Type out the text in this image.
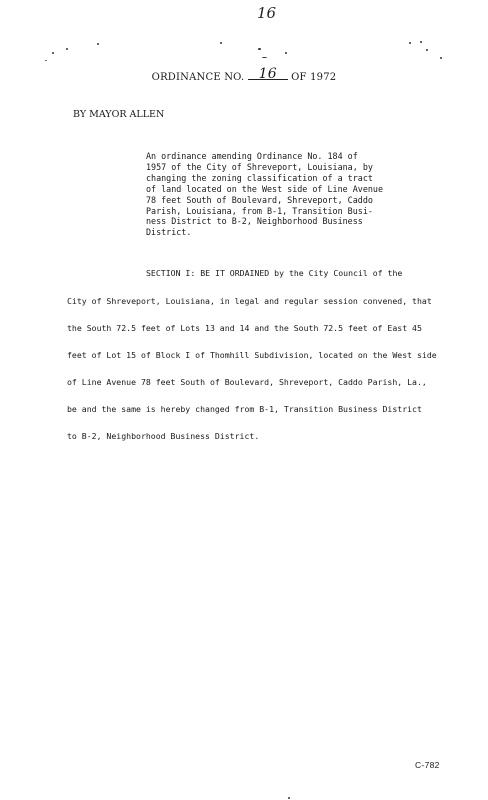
16
ORDINANCE NO. 16 OF 1972
BY MAYOR ALLEN
An ordinance amending Ordinance No. 184 of
1957 of the City of Shreveport, Louisiana, by
changing the zoning classification of a tract
of land located on the West side of Line Avenue
78 feet South of Boulevard, Shreveport, Caddo
Parish, Louisiana, from B-1, Transition Busi-
ness District to B-2, Neighborhood Business
District.
SECTION I: BE IT ORDAINED by the City Council of the
City of Shreveport, Louisiana, in legal and regular session convened, that
the South 72.5 feet of Lots 13 and 14 and the South 72.5 feet of East 45
feet of Lot 15 of Block I of Thomhill Subdivision, located on the West side
of Line Avenue 78 feet South of Boulevard, Shreveport, Caddo Parish, La.,
be and the same is hereby changed from B-1, Transition Business District
to B-2, Neighborhood Business District.
C-782
